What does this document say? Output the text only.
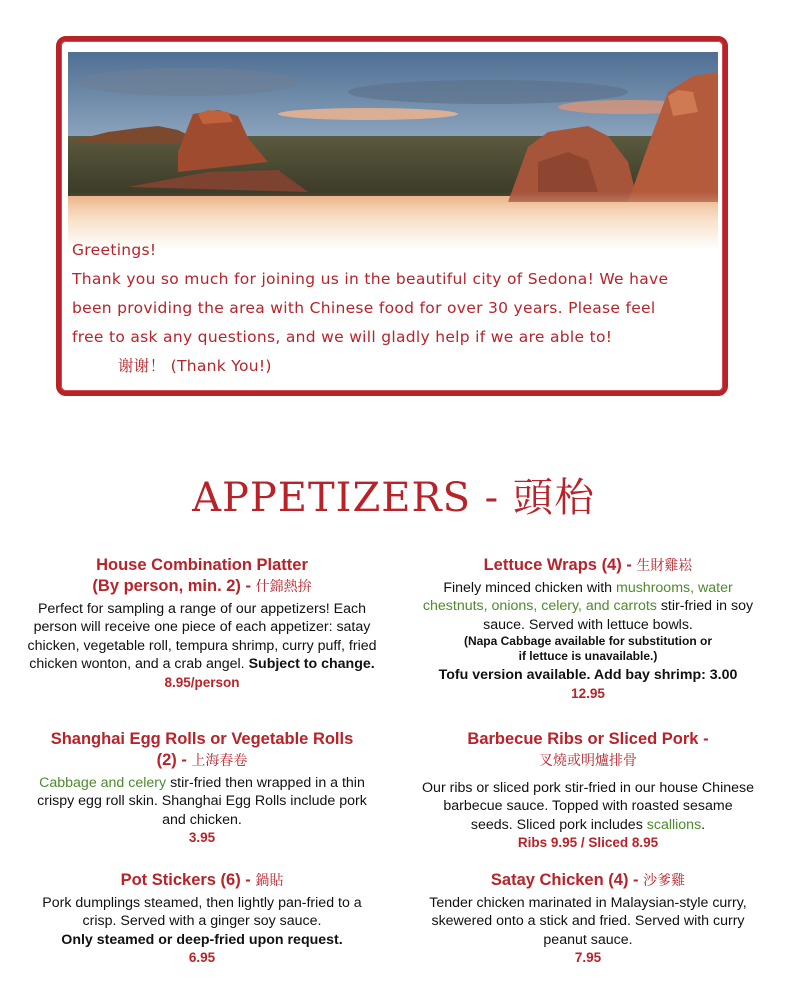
Greetings!

Thank you so much for joining us in the beautiful city of Sedona! We have

been providing the area with Chinese food for over 30 years. Please feel

free to ask any questions, and we will gladly help if we are able to!

谢谢！ (Thank You!)

APPETIZERS - 頭枱
House Combination Platter
(By person, min. 2) - 什錦熱拚
Perfect for sampling a range of our appetizers! Each person will receive one piece of each appetizer: satay chicken, vegetable roll, tempura shrimp, curry puff, fried chicken wonton, and a crab angel. Subject to change.
8.95/person
Shanghai Egg Rolls or Vegetable Rolls
(2) - 上海春卷
Cabbage and celery stir-fried then wrapped in a thin crispy egg roll skin. Shanghai Egg Rolls include pork and chicken.
3.95
Pot Stickers (6) - 鍋貼
Pork dumplings steamed, then lightly pan-fried to a crisp. Served with a ginger soy sauce.
Only steamed or deep-fried upon request.
6.95
Lettuce Wraps (4) - 生財雞崧
Finely minced chicken with mushrooms, water chestnuts, onions, celery, and carrots stir-fried in soy sauce. Served with lettuce bowls.
(Napa Cabbage available for substitution or
if lettuce is unavailable.)
Tofu version available. Add bay shrimp: 3.00
12.95
Barbecue Ribs or Sliced Pork -
叉燒或明爐排骨
Our ribs or sliced pork stir-fried in our house Chinese barbecue sauce. Topped with roasted sesame seeds. Sliced pork includes scallions.
Ribs 9.95 / Sliced 8.95
Satay Chicken (4) - 沙爹雞
Tender chicken marinated in Malaysian-style curry, skewered onto a stick and fried. Served with curry peanut sauce.
7.95
